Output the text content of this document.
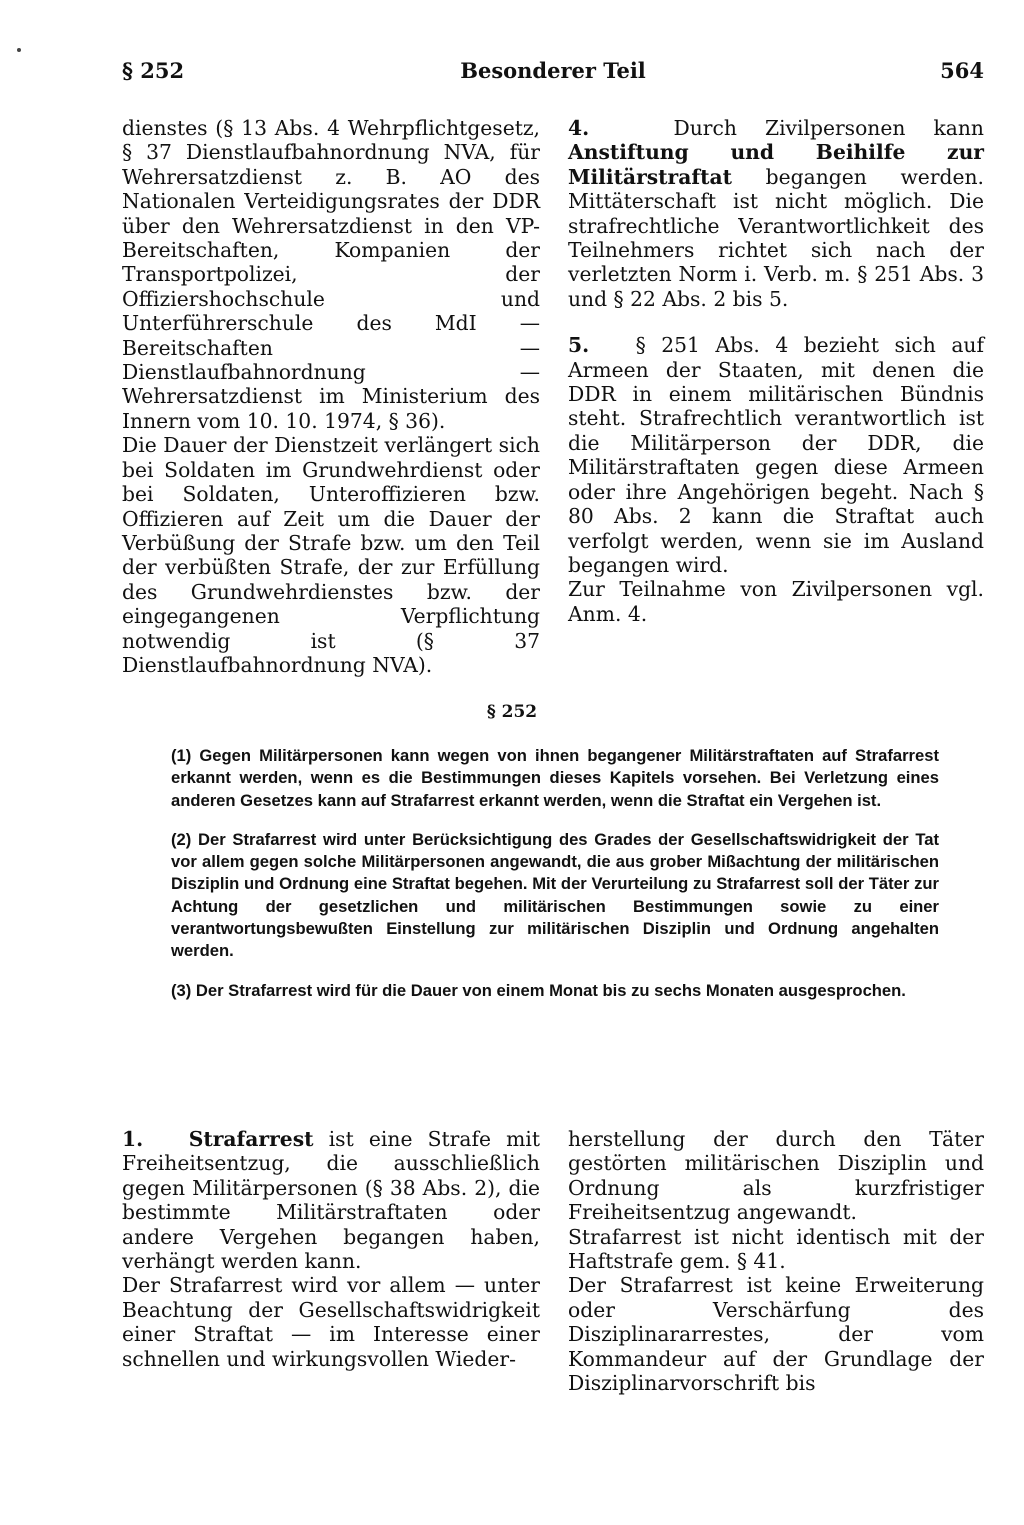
§ 252	Besonderer Teil	564

dienstes (§ 13 Abs. 4 Wehrpflichtgesetz, § 37 Dienstlaufbahnordnung NVA, für Wehrersatzdienst z. B. AO des Nationalen Verteidigungsrates der DDR über den Wehrersatzdienst in den VP-Bereitschaften, Kompanien der Transportpolizei, der Offiziershochschule und Unterführerschule des MdI — Bereitschaften — Dienstlaufbahnordnung — Wehrersatzdienst im Ministerium des Innern vom 10. 10. 1974, § 36).

Die Dauer der Dienstzeit verlängert sich bei Soldaten im Grundwehrdienst oder bei Soldaten, Unteroffizieren bzw. Offizieren auf Zeit um die Dauer der Verbüßung der Strafe bzw. um den Teil der verbüßten Strafe, der zur Erfüllung des Grundwehrdienstes bzw. der eingegangenen Verpflichtung notwendig ist (§ 37 Dienstlaufbahnordnung NVA).

4.	Durch Zivilpersonen kann Anstiftung und Beihilfe zur Militärstraftat begangen werden. Mittäterschaft ist nicht möglich. Die strafrechtliche Verantwortlichkeit des Teilnehmers richtet sich nach der verletzten Norm i. Verb. m. § 251 Abs. 3 und § 22 Abs. 2 bis 5.

5. § 251 Abs. 4 bezieht sich auf Armeen der Staaten, mit denen die DDR in einem militärischen Bündnis steht. Strafrechtlich verantwortlich ist die Militärperson der DDR, die Militärstraftaten gegen diese Armeen oder ihre Angehörigen begeht. Nach § 80 Abs. 2 kann die Straftat auch verfolgt werden, wenn sie im Ausland begangen wird.

Zur Teilnahme von Zivilpersonen vgl. Anm. 4.

§ 252

(1) Gegen Militärpersonen kann wegen von ihnen begangener Militärstraftaten auf Strafarrest erkannt werden, wenn es die Bestimmungen dieses Kapitels vorsehen. Bei Verletzung eines anderen Gesetzes kann auf Strafarrest erkannt werden, wenn die Straftat ein Vergehen ist.

(2) Der Strafarrest wird unter Berücksichtigung des Grades der Gesellschaftswidrigkeit der Tat vor allem gegen solche Militärpersonen angewandt, die aus grober Mißachtung der militärischen Disziplin und Ordnung eine Straftat begehen. Mit der Verurteilung zu Strafarrest soll der Täter zur Achtung der gesetzlichen und militärischen Bestimmungen sowie zu einer verantwortungsbewußten Einstellung zur militärischen Disziplin und Ordnung angehalten werden.

(3) Der Strafarrest wird für die Dauer von einem Monat bis zu sechs Monaten ausgesprochen.

1. Strafarrest ist eine Strafe mit Freiheitsentzug, die ausschließlich gegen Militärpersonen (§ 38 Abs. 2), die bestimmte Militärstraftaten oder andere Vergehen begangen haben, verhängt werden kann.

Der Strafarrest wird vor allem — unter Beachtung der Gesellschaftswidrigkeit einer Straftat — im Interesse einer schnellen und wirkungsvollen Wieder-

herstellung der durch den Täter gestörten militärischen Disziplin und Ordnung als kurzfristiger Freiheitsentzug angewandt.

Strafarrest ist nicht identisch mit der Haftstrafe gem. § 41.

Der Strafarrest ist keine Erweiterung oder Verschärfung des Disziplinararrestes, der vom Kommandeur auf der Grundlage der Disziplinarvorschrift bis
